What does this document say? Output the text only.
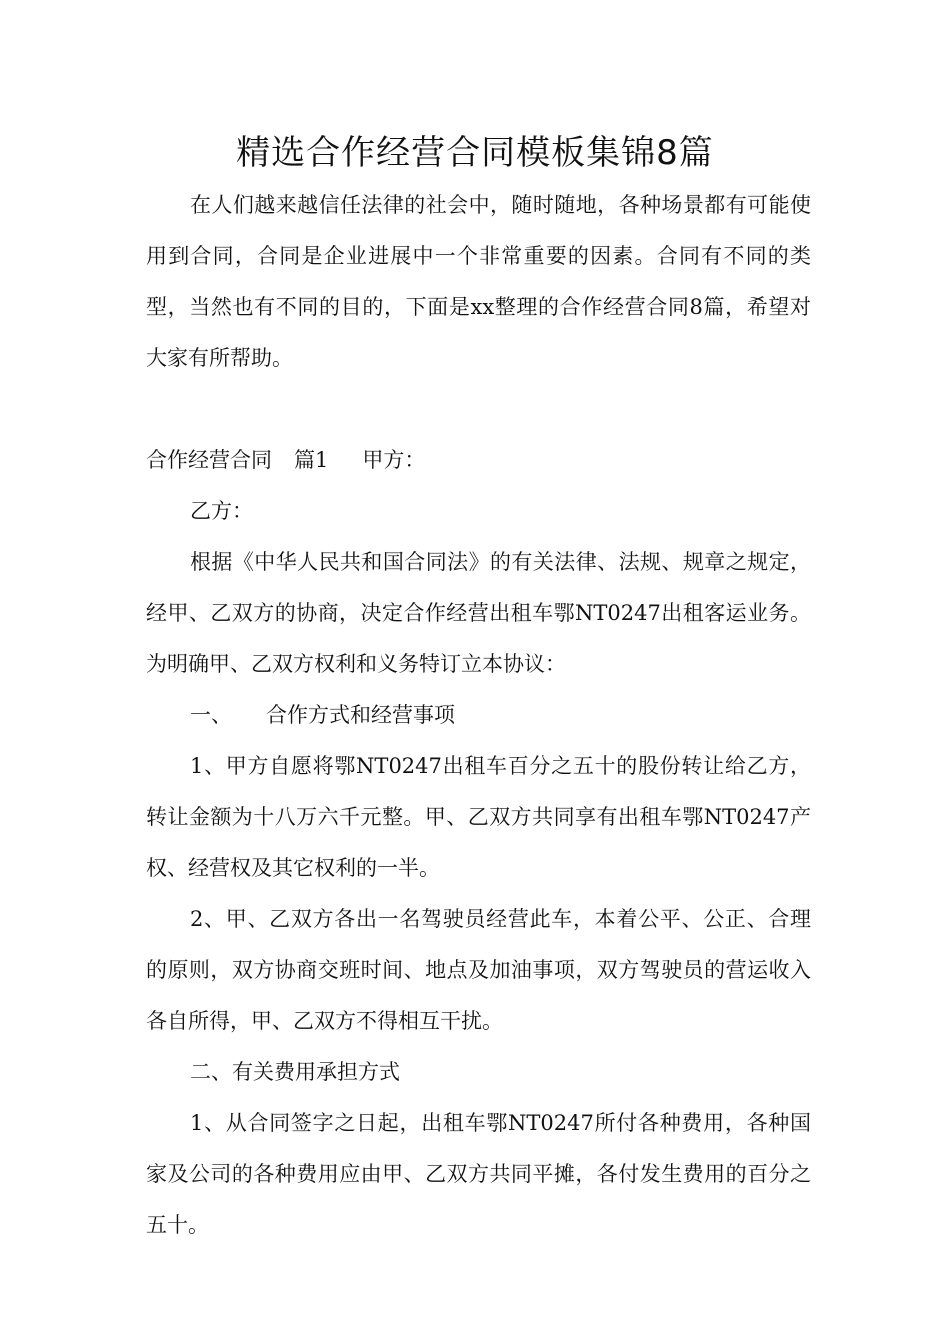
精选合作经营合同模板集锦8篇

在人们越来越信任法律的社会中，随时随地，各种场景都有可能使用到合同，合同是企业进展中一个非常重要的因素。合同有不同的类型，当然也有不同的目的，下面是xx整理的合作经营合同8篇，希望对大家有所帮助。

合作经营合同 篇1 甲方：

乙方：

根据《中华人民共和国合同法》的有关法律、法规、规章之规定，经甲、乙双方的协商，决定合作经营出租车鄂NT0247出租客运业务。为明确甲、乙双方权利和义务特订立本协议：

一、 合作方式和经营事项

1、甲方自愿将鄂NT0247出租车百分之五十的股份转让给乙方，转让金额为十八万六千元整。甲、乙双方共同享有出租车鄂NT0247产权、经营权及其它权利的一半。

2、甲、乙双方各出一名驾驶员经营此车，本着公平、公正、合理的原则，双方协商交班时间、地点及加油事项，双方驾驶员的营运收入各自所得，甲、乙双方不得相互干扰。

二、有关费用承担方式

1、从合同签字之日起，出租车鄂NT0247所付各种费用，各种国家及公司的各种费用应由甲、乙双方共同平摊，各付发生费用的百分之五十。
